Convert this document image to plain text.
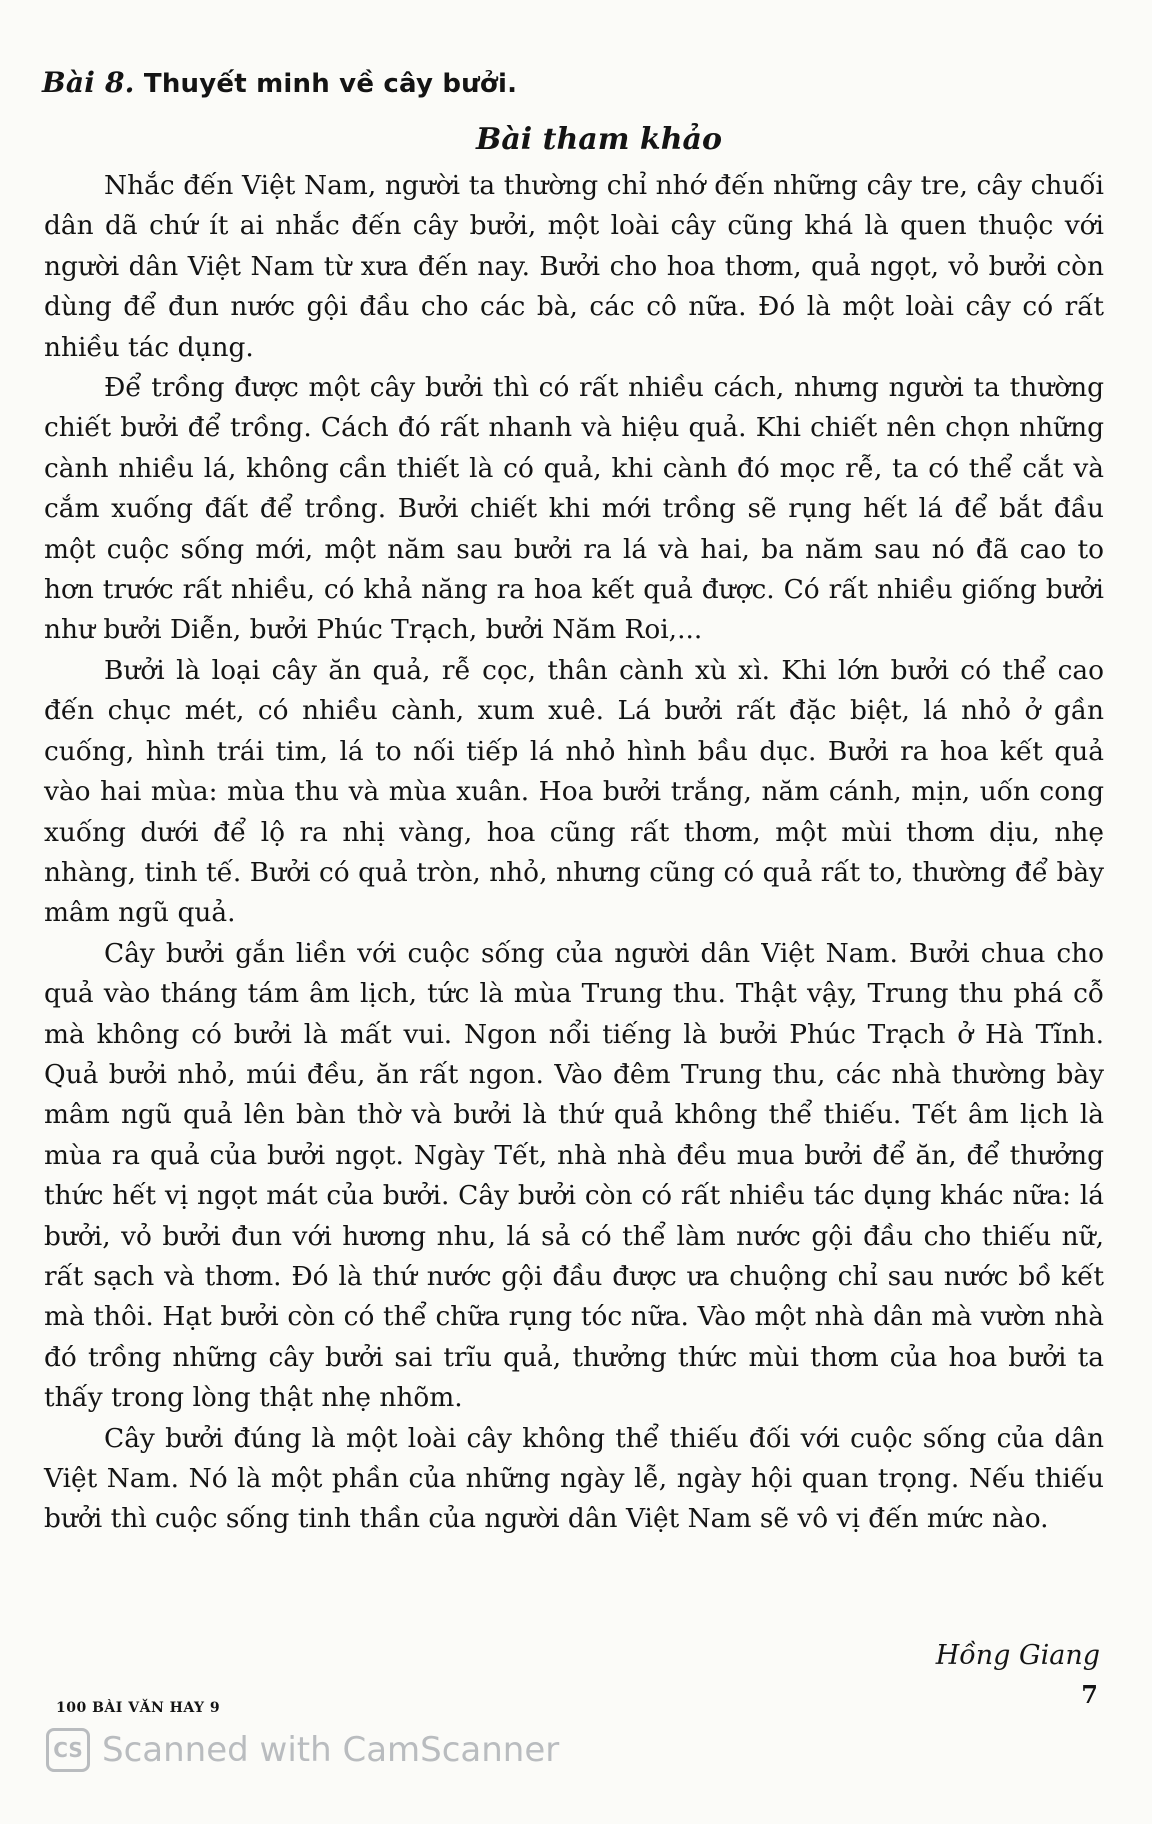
Bài 8. Thuyết minh về cây bưởi.
Bài tham khảo

Nhắc đến Việt Nam, người ta thường chỉ nhớ đến những cây tre, cây chuối dân dã chứ ít ai nhắc đến cây bưởi, một loài cây cũng khá là quen thuộc với người dân Việt Nam từ xưa đến nay. Bưởi cho hoa thơm, quả ngọt, vỏ bưởi còn dùng để đun nước gội đầu cho các bà, các cô nữa. Đó là một loài cây có rất nhiều tác dụng.

Để trồng được một cây bưởi thì có rất nhiều cách, nhưng người ta thường chiết bưởi để trồng. Cách đó rất nhanh và hiệu quả. Khi chiết nên chọn những cành nhiều lá, không cần thiết là có quả, khi cành đó mọc rễ, ta có thể cắt và cắm xuống đất để trồng. Bưởi chiết khi mới trồng sẽ rụng hết lá để bắt đầu một cuộc sống mới, một năm sau bưởi ra lá và hai, ba năm sau nó đã cao to hơn trước rất nhiều, có khả năng ra hoa kết quả được. Có rất nhiều giống bưởi như bưởi Diễn, bưởi Phúc Trạch, bưởi Năm Roi,...

Bưởi là loại cây ăn quả, rễ cọc, thân cành xù xì. Khi lớn bưởi có thể cao đến chục mét, có nhiều cành, xum xuê. Lá bưởi rất đặc biệt, lá nhỏ ở gần cuống, hình trái tim, lá to nối tiếp lá nhỏ hình bầu dục. Bưởi ra hoa kết quả vào hai mùa: mùa thu và mùa xuân. Hoa bưởi trắng, năm cánh, mịn, uốn cong xuống dưới để lộ ra nhị vàng, hoa cũng rất thơm, một mùi thơm dịu, nhẹ nhàng, tinh tế. Bưởi có quả tròn, nhỏ, nhưng cũng có quả rất to, thường để bày mâm ngũ quả.

Cây bưởi gắn liền với cuộc sống của người dân Việt Nam. Bưởi chua cho quả vào tháng tám âm lịch, tức là mùa Trung thu. Thật vậy, Trung thu phá cỗ mà không có bưởi là mất vui. Ngon nổi tiếng là bưởi Phúc Trạch ở Hà Tĩnh. Quả bưởi nhỏ, múi đều, ăn rất ngon. Vào đêm Trung thu, các nhà thường bày mâm ngũ quả lên bàn thờ và bưởi là thứ quả không thể thiếu. Tết âm lịch là mùa ra quả của bưởi ngọt. Ngày Tết, nhà nhà đều mua bưởi để ăn, để thưởng thức hết vị ngọt mát của bưởi. Cây bưởi còn có rất nhiều tác dụng khác nữa: lá bưởi, vỏ bưởi đun với hương nhu, lá sả có thể làm nước gội đầu cho thiếu nữ, rất sạch và thơm. Đó là thứ nước gội đầu được ưa chuộng chỉ sau nước bồ kết mà thôi. Hạt bưởi còn có thể chữa rụng tóc nữa. Vào một nhà dân mà vườn nhà đó trồng những cây bưởi sai trĩu quả, thưởng thức mùi thơm của hoa bưởi ta thấy trong lòng thật nhẹ nhõm.

Cây bưởi đúng là một loài cây không thể thiếu đối với cuộc sống của dân Việt Nam. Nó là một phần của những ngày lễ, ngày hội quan trọng. Nếu thiếu bưởi thì cuộc sống tinh thần của người dân Việt Nam sẽ vô vị đến mức nào.

Hồng Giang
100 BÀI VĂN HAY 9	7
CS Scanned with CamScanner
